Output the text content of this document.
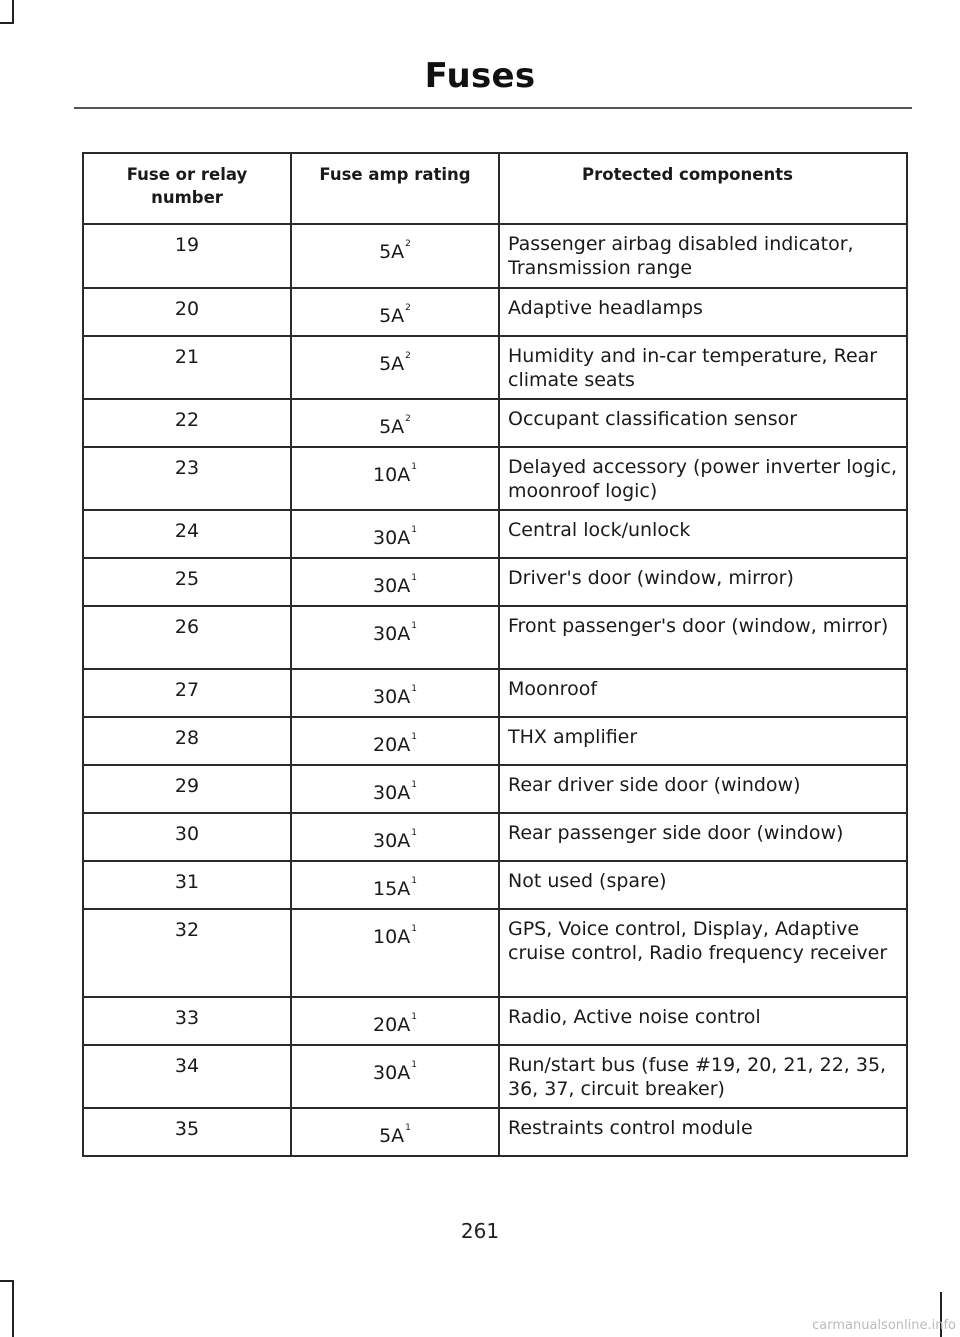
Fuses
Fuse or relay number	Fuse amp rating	Protected components

19	$5A^2$	Passenger airbag disabled indicator, Transmission range

20	$5A^2$	Adaptive headlamps

21	$5A^2$	Humidity and in-car temperature, Rear climate seats

22	$5A^2$	Occupant classification sensor

23	$10A^1$	Delayed accessory (power inverter logic, moonroof logic)

24	$30A^1$	Central lock/unlock

25	$30A^1$	Driver's door (window, mirror)

26	$30A^1$	Front passenger's door (window, mirror)

27	$30A^1$	Moonroof

28	$20A^1$	THX amplifier

29	$30A^1$	Rear driver side door (window)

30	$30A^1$	Rear passenger side door (window)

31	$15A^1$	Not used (spare)

32	$10A^1$	GPS, Voice control, Display, Adaptive cruise control, Radio frequency receiver

33	$20A^1$	Radio, Active noise control

34	$30A^1$	Run/start bus (fuse #19, 20, 21, 22, 35, 36, 37, circuit breaker)

35	$5A^1$	Restraints control module
261
carmanualsonline.info
